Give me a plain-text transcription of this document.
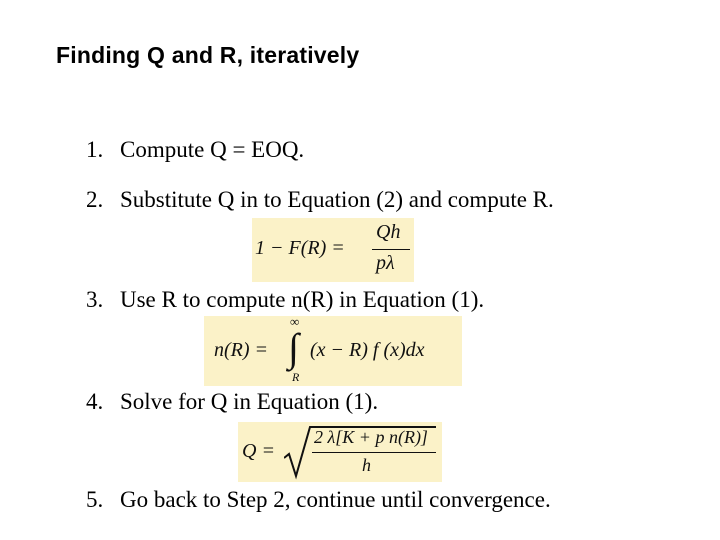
Finding Q and R, iteratively
1. Compute Q = EOQ.
2. Substitute Q in to Equation (2) and compute R.
1 − F(R) =
Qh
pλ
3. Use R to compute n(R) in Equation (1).
n(R) =
∞
∫
R
(x − R) f (x)dx
4. Solve for Q in Equation (1).
Q =
2 λ[K + p n(R)]
h
5. Go back to Step 2, continue until convergence.
